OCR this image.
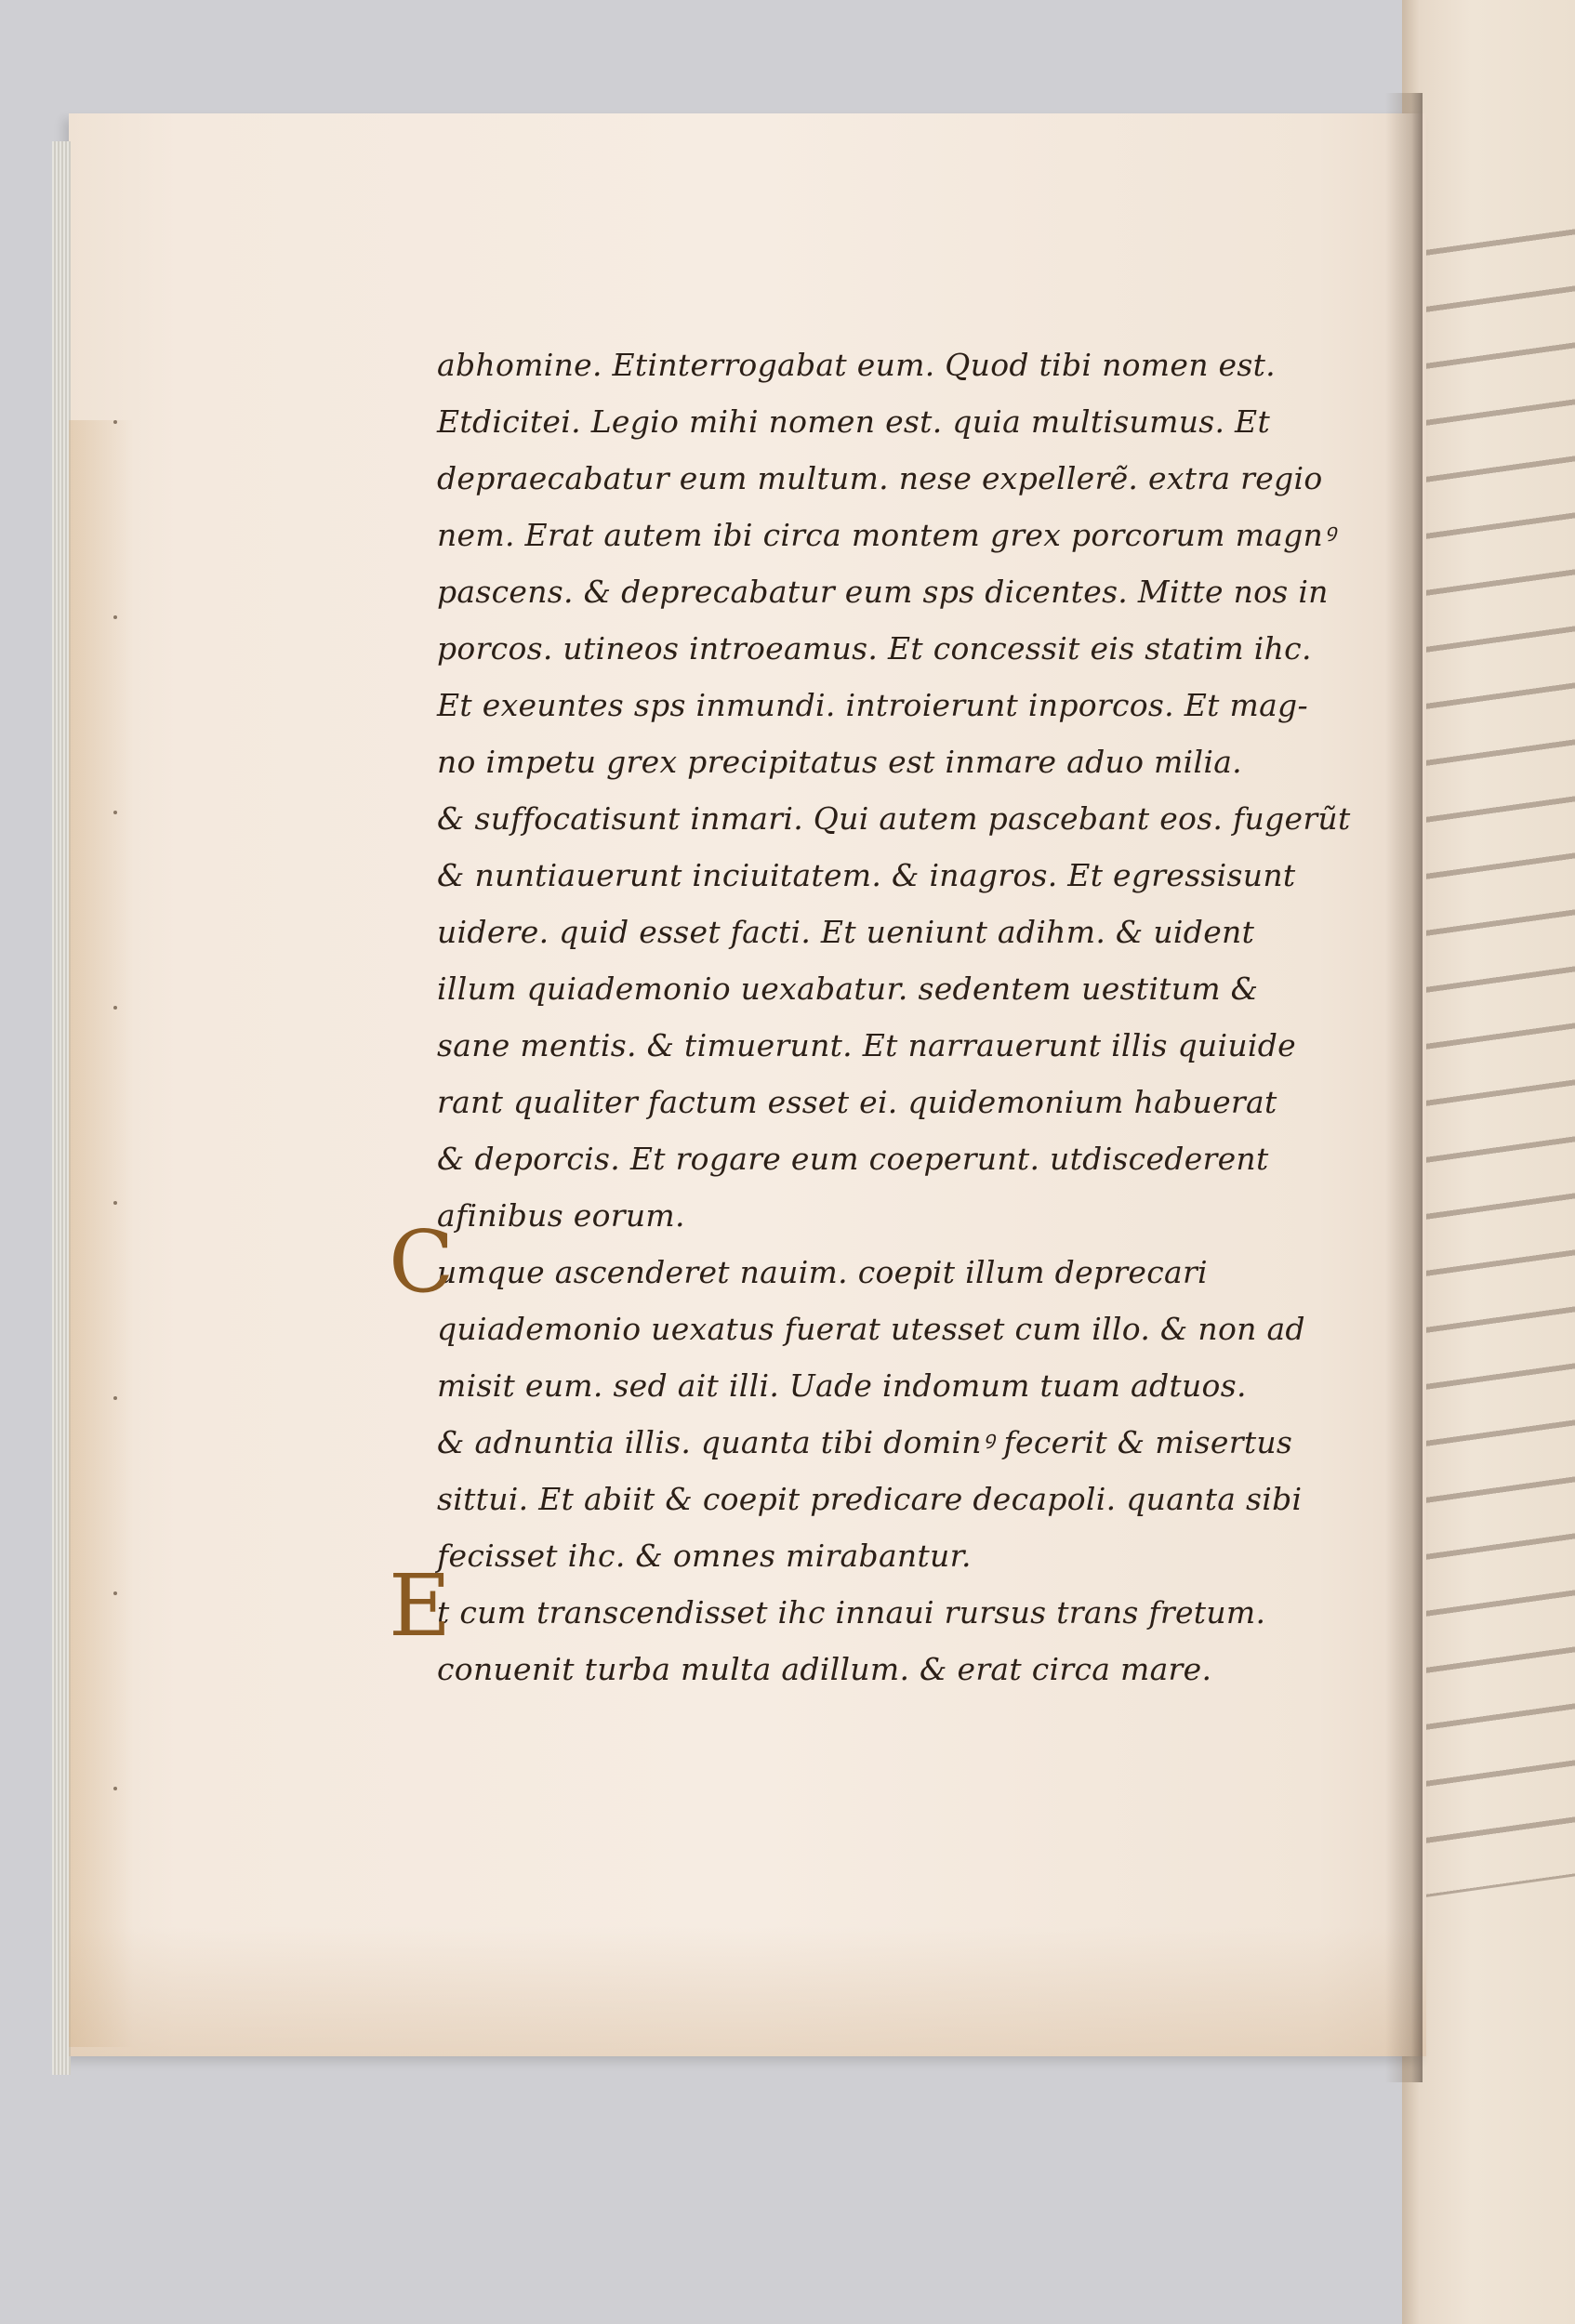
abhomine. Etinterrogabat eum. Quod tibi nomen est.
Etdicitei. Legio mihi nomen est. quia multisumus. Et
depraecabatur eum multum. nese expellerẽ. extra regio
nem. Erat autem ibi circa montem grex porcorum magnꝰ
pascens. & deprecabatur eum sps dicentes. Mitte nos in
porcos. utineos introeamus. Et concessit eis statim ihc.
Et exeuntes sps inmundi. introierunt inporcos. Et mag-
no impetu grex precipitatus est inmare aduo milia.
& suffocatisunt inmari. Qui autem pascebant eos. fugerũt
& nuntiauerunt inciuitatem. & inagros. Et egressisunt
uidere. quid esset facti. Et ueniunt adihm. & uident
illum quiademonio uexabatur. sedentem uestitum &
sane mentis. & timuerunt. Et narrauerunt illis quiuide
rant qualiter factum esset ei. quidemonium habuerat
& deporcis. Et rogare eum coeperunt. utdiscederent
afinibus eorum.
C
umque ascenderet nauim. coepit illum deprecari
quiademonio uexatus fuerat utesset cum illo. & non ad
misit eum. sed ait illi. Uade indomum tuam adtuos.
& adnuntia illis. quanta tibi dominꝰ fecerit & misertus
sittui. Et abiit & coepit predicare decapoli. quanta sibi
fecisset ihc. & omnes mirabantur.
E
t cum transcendisset ihc innaui rursus trans fretum.
conuenit turba multa adillum. & erat circa mare.
